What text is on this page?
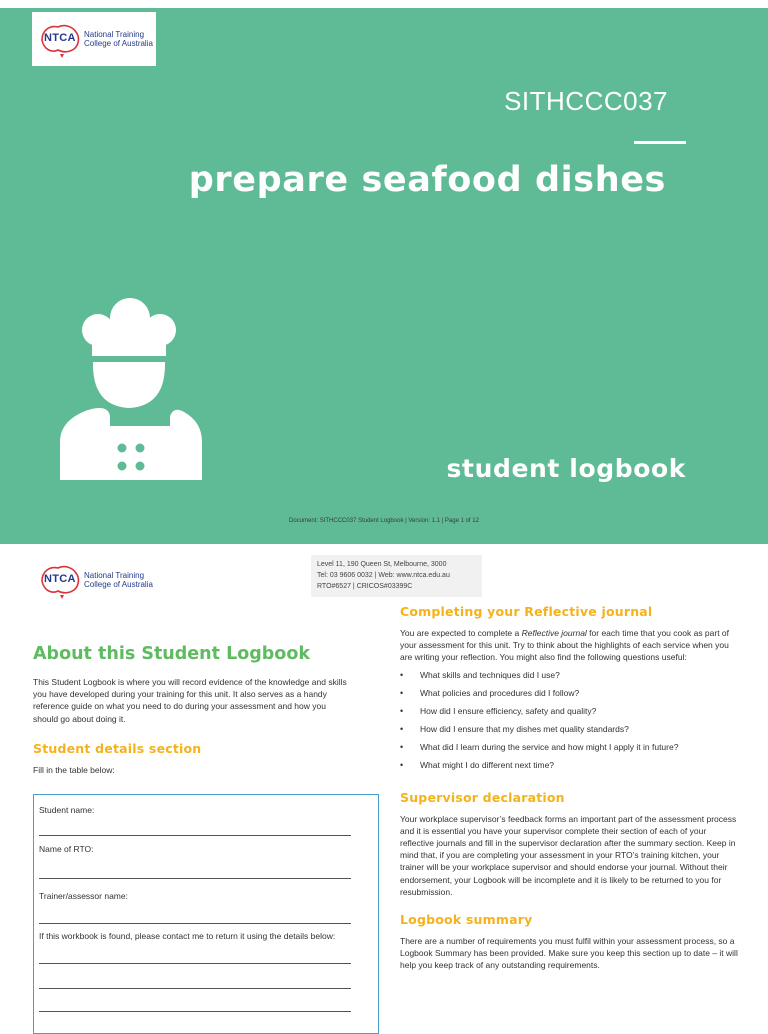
NTCA National Training
College of Australia
SITHCCC037
prepare seafood dishes
student logbook
Document: SITHCCC037 Student Logbook | Version: 1.1 | Page 1 of 12
NTCA National Training
College of Australia
Level 11, 190 Queen St, Melbourne, 3000
Tel: 03 9606 0032 | Web: www.ntca.edu.au
RTO#6527 | CRICOS#03399C
About this Student Logbook

This Student Logbook is where you will record evidence of the knowledge and skills you have developed during your training for this unit. It also serves as a handy reference guide on what you need to do during your assessment and how you should go about doing it.

Student details section

Fill in the table below:

Student name:
Name of RTO:
Trainer/assessor name:
If this workbook is found, please contact me to return it using the details below:
Completing your Reflective journal

You are expected to complete a Reflective journal for each time that you cook as part of your assessment for this unit. Try to think about the highlights of each service when you are writing your reflection. You might also find the following questions useful:

• What skills and techniques did I use?
• What policies and procedures did I follow?
• How did I ensure efficiency, safety and quality?
• How did I ensure that my dishes met quality standards?
• What did I learn during the service and how might I apply it in future?
• What might I do different next time?
Supervisor declaration

Your workplace supervisor’s feedback forms an important part of the assessment process and it is essential you have your supervisor complete their section of each of your reflective journals and fill in the supervisor declaration after the summary section. Keep in mind that, if you are completing your assessment in your RTO’s training kitchen, your trainer will be your workplace supervisor and should endorse your journal. Without their endorsement, your Logbook will be incomplete and it is likely to be returned to you for resubmission.

Logbook summary

There are a number of requirements you must fulfil within your assessment process, so a Logbook Summary has been provided. Make sure you keep this section up to date – it will help you keep track of any outstanding requirements.
